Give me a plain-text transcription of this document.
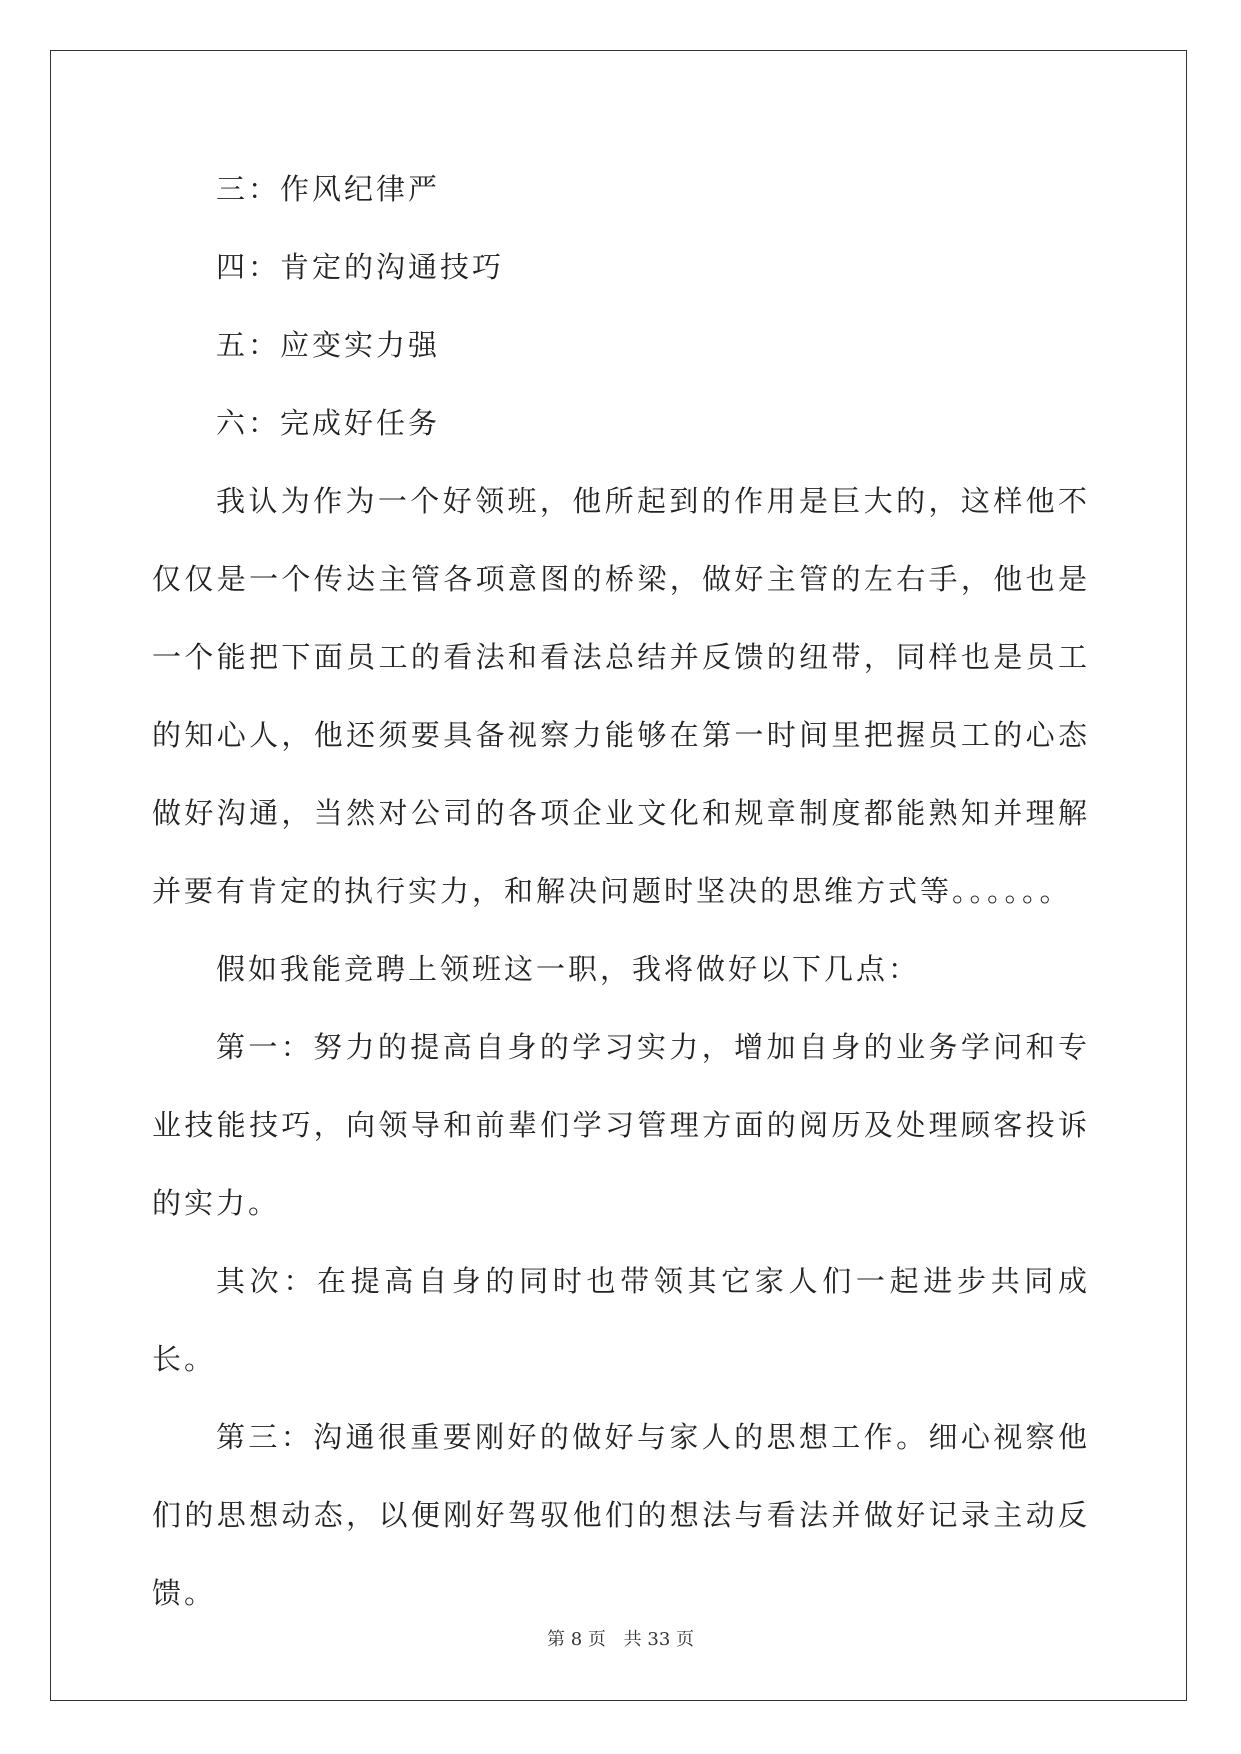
三：作风纪律严

四：肯定的沟通技巧

五：应变实力强

六：完成好任务

我认为作为一个好领班，他所起到的作用是巨大的，这样他不仅仅是一个传达主管各项意图的桥梁，做好主管的左右手，他也是一个能把下面员工的看法和看法总结并反馈的纽带，同样也是员工的知心人，他还须要具备视察力能够在第一时间里把握员工的心态做好沟通，当然对公司的各项企业文化和规章制度都能熟知并理解并要有肯定的执行实力，和解决问题时坚决的思维方式等。。。。。。

假如我能竞聘上领班这一职，我将做好以下几点：

第一：努力的提高自身的学习实力，增加自身的业务学问和专业技能技巧，向领导和前辈们学习管理方面的阅历及处理顾客投诉的实力。

其次：在提高自身的同时也带领其它家人们一起进步共同成长。

第三：沟通很重要刚好的做好与家人的思想工作。细心视察他们的思想动态，以便刚好驾驭他们的想法与看法并做好记录主动反馈。

第 8 页 共 33 页
